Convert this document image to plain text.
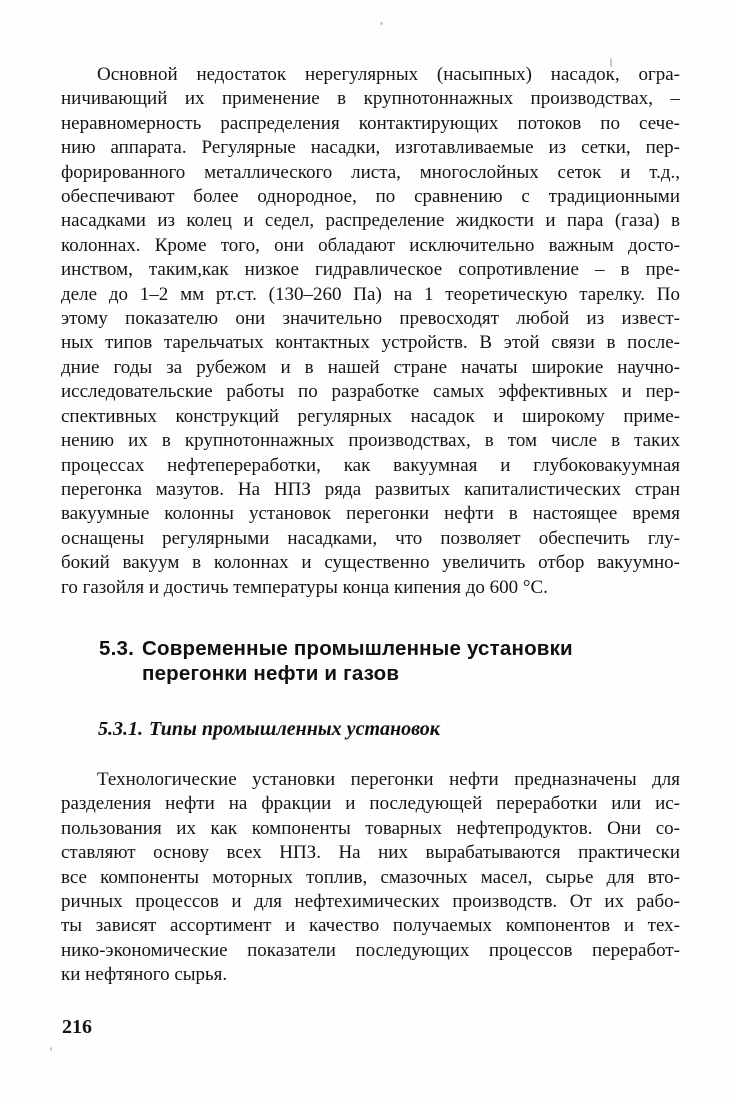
Основной недостаток нерегулярных (насыпных) насадок, огра-
ничивающий их применение в крупнотоннажных производствах, –
неравномерность распределения контактирующих потоков по сече-
нию аппарата. Регулярные насадки, изготавливаемые из сетки, пер-
форированного металлического листа, многослойных сеток и т.д.,
обеспечивают более однородное, по сравнению с традиционными
насадками из колец и седел, распределение жидкости и пара (газа) в
колоннах. Кроме того, они обладают исключительно важным досто-
инством, таким,как низкое гидравлическое сопротивление – в пре-
деле до 1–2 мм рт.ст. (130–260 Па) на 1 теоретическую тарелку. По
этому показателю они значительно превосходят любой из извест-
ных типов тарельчатых контактных устройств. В этой связи в после-
дние годы за рубежом и в нашей стране начаты широкие научно-
исследовательские работы по разработке самых эффективных и пер-
спективных конструкций регулярных насадок и широкому приме-
нению их в крупнотоннажных производствах, в том числе в таких
процессах нефтепереработки, как вакуумная и глубоковакуумная
перегонка мазутов. На НПЗ ряда развитых капиталистических стран
вакуумные колонны установок перегонки нефти в настоящее время
оснащены регулярными насадками, что позволяет обеспечить глу-
бокий вакуум в колоннах и существенно увеличить отбор вакуумно-
го газойля и достичь температуры конца кипения до 600 °С.
5.3. Современные промышленные установки
перегонки нефти и газов
5.3.1. Типы промышленных установок
Технологические установки перегонки нефти предназначены для
разделения нефти на фракции и последующей переработки или ис-
пользования их как компоненты товарных нефтепродуктов. Они со-
ставляют основу всех НПЗ. На них вырабатываются практически
все компоненты моторных топлив, смазочных масел, сырье для вто-
ричных процессов и для нефтехимических производств. От их рабо-
ты зависят ассортимент и качество получаемых компонентов и тех-
нико-экономические показатели последующих процессов переработ-
ки нефтяного сырья.
216
